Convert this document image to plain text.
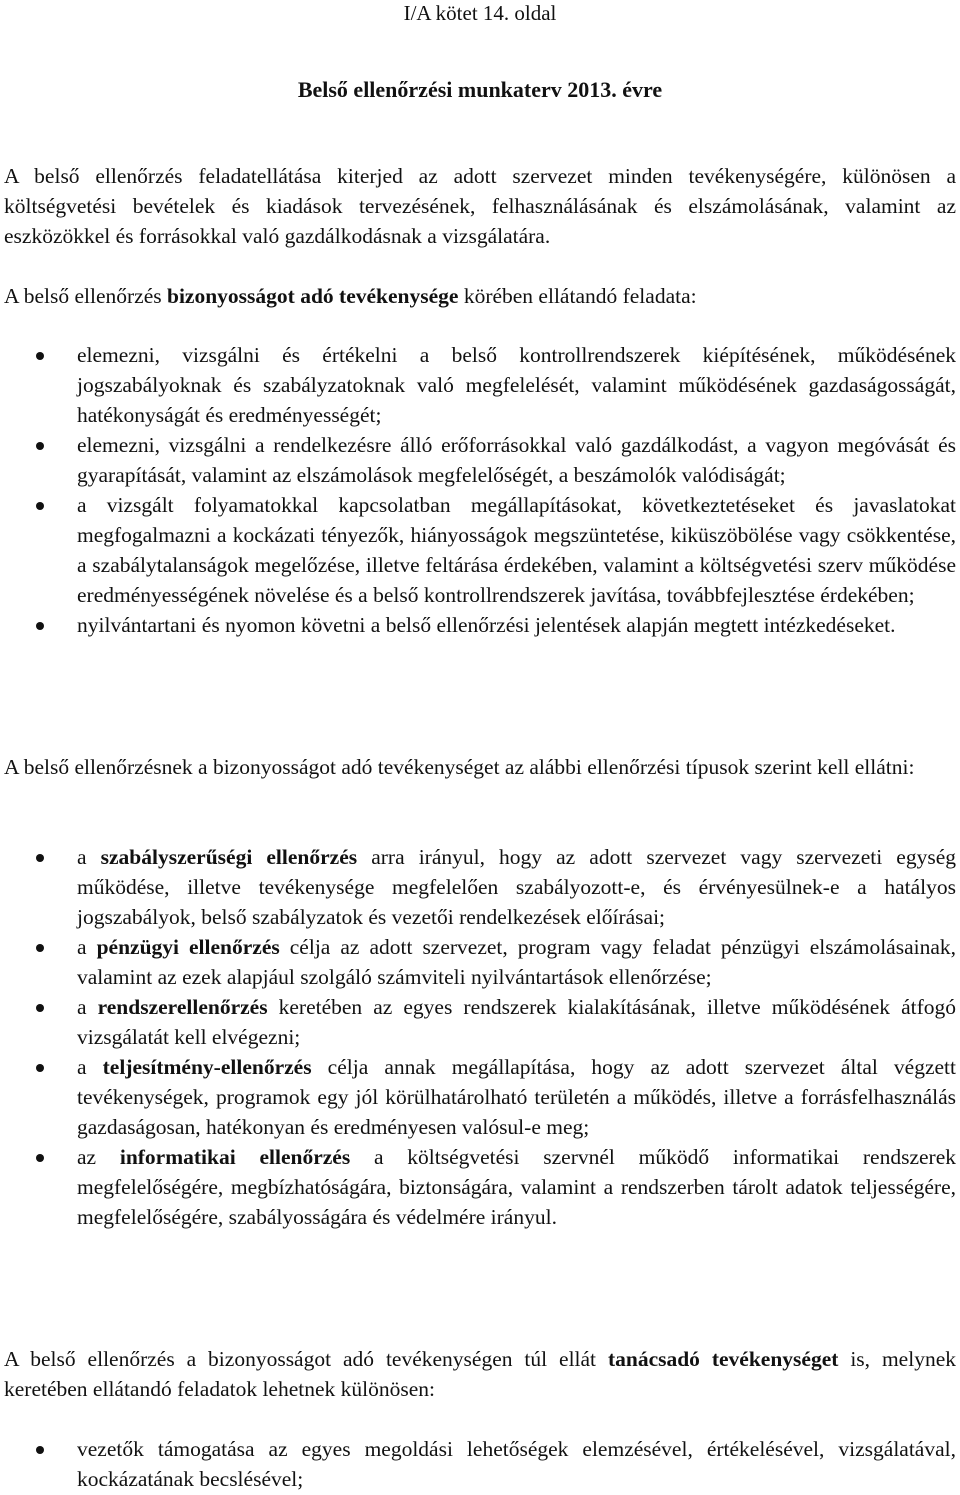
I/A kötet 14. oldal
Belső ellenőrzési munkaterv 2013. évre

A belső ellenőrzés feladatellátása kiterjed az adott szervezet minden tevékenységére, különösen a költségvetési bevételek és kiadások tervezésének, felhasználásának és elszámolásának, valamint az eszközökkel és forrásokkal való gazdálkodásnak a vizsgálatára.

A belső ellenőrzés bizonyosságot adó tevékenysége körében ellátandó feladata:

elemezni, vizsgálni és értékelni a belső kontrollrendszerek kiépítésének, működésének jogszabályoknak és szabályzatoknak való megfelelését, valamint működésének gazdaságosságát, hatékonyságát és eredményességét;
elemezni, vizsgálni a rendelkezésre álló erőforrásokkal való gazdálkodást, a vagyon megóvását és gyarapítását, valamint az elszámolások megfelelőségét, a beszámolók valódiságát;
a vizsgált folyamatokkal kapcsolatban megállapításokat, következtetéseket és javaslatokat megfogalmazni a kockázati tényezők, hiányosságok megszüntetése, kiküszöbölése vagy csökkentése, a szabálytalanságok megelőzése, illetve feltárása érdekében, valamint a költségvetési szerv működése eredményességének növelése és a belső kontrollrendszerek javítása, továbbfejlesztése érdekében;
nyilvántartani és nyomon követni a belső ellenőrzési jelentések alapján megtett intézkedéseket.

A belső ellenőrzésnek a bizonyosságot adó tevékenységet az alábbi ellenőrzési típusok szerint kell ellátni:

a szabályszerűségi ellenőrzés arra irányul, hogy az adott szervezet vagy szervezeti egység működése, illetve tevékenysége megfelelően szabályozott-e, és érvényesülnek-e a hatályos jogszabályok, belső szabályzatok és vezetői rendelkezések előírásai;
a pénzügyi ellenőrzés célja az adott szervezet, program vagy feladat pénzügyi elszámolásainak, valamint az ezek alapjául szolgáló számviteli nyilvántartások ellenőrzése;
a rendszerellenőrzés keretében az egyes rendszerek kialakításának, illetve működésének átfogó vizsgálatát kell elvégezni;
a teljesítmény-ellenőrzés célja annak megállapítása, hogy az adott szervezet által végzett tevékenységek, programok egy jól körülhatárolható területén a működés, illetve a forrásfelhasználás gazdaságosan, hatékonyan és eredményesen valósul-e meg;
az informatikai ellenőrzés a költségvetési szervnél működő informatikai rendszerek megfelelőségére, megbízhatóságára, biztonságára, valamint a rendszerben tárolt adatok teljességére, megfelelőségére, szabályosságára és védelmére irányul.

A belső ellenőrzés a bizonyosságot adó tevékenységen túl ellát tanácsadó tevékenységet is, melynek keretében ellátandó feladatok lehetnek különösen:

vezetők támogatása az egyes megoldási lehetőségek elemzésével, értékelésével, vizsgálatával, kockázatának becslésével;
